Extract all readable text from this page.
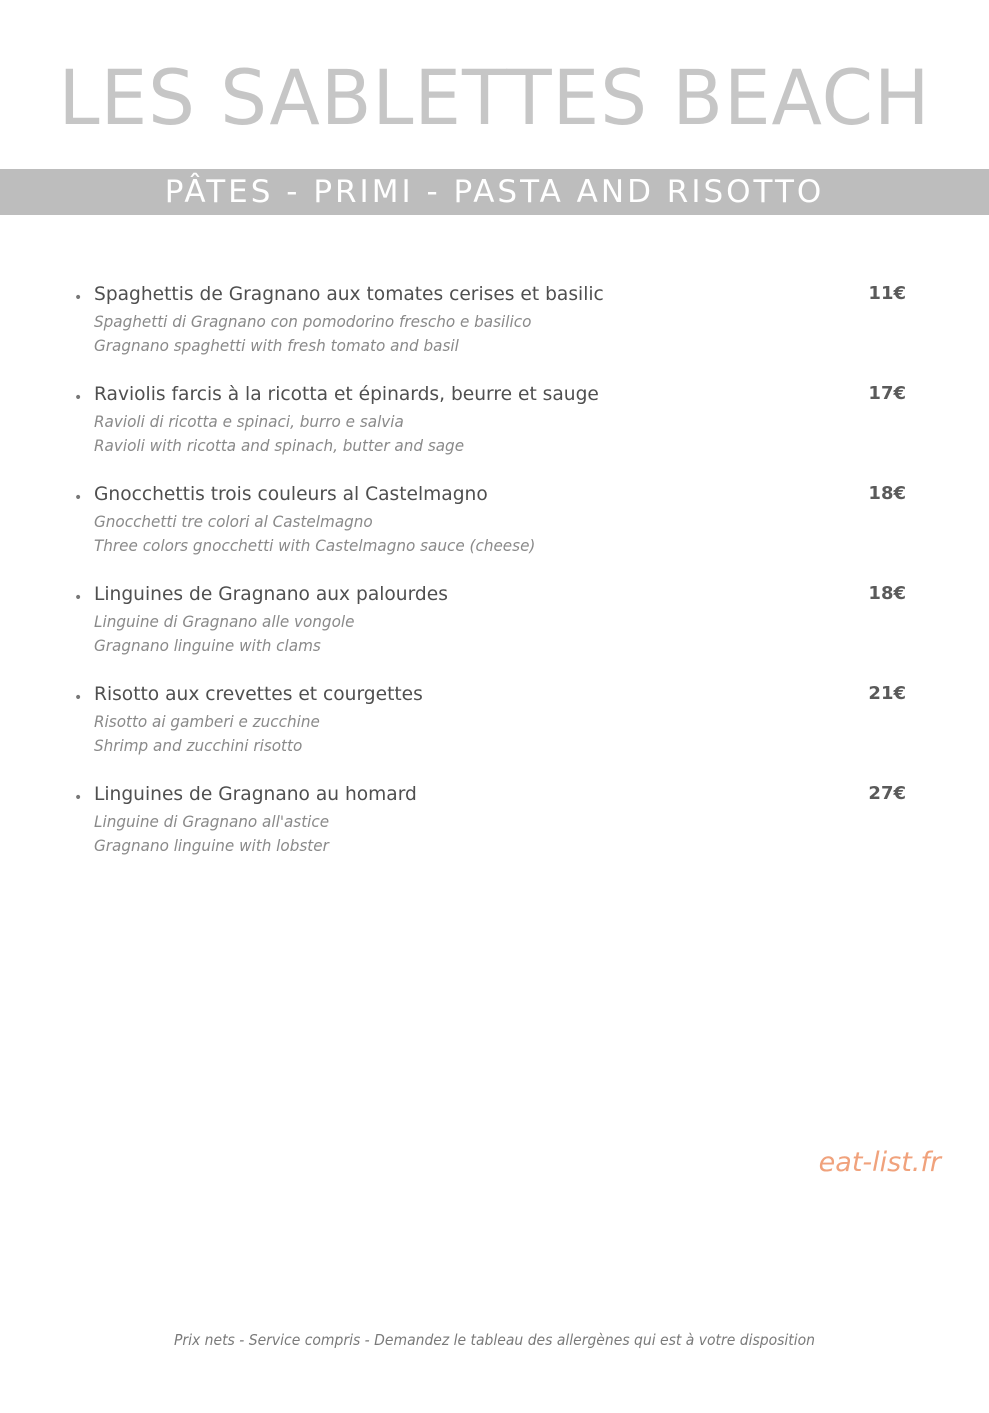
LES SABLETTES BEACH
PÂTES - PRIMI - PASTA AND RISOTTO
• Spaghettis de Gragnano aux tomates cerises et basilic	11€
Spaghetti di Gragnano con pomodorino frescho e basilico
Gragnano spaghetti with fresh tomato and basil
• Raviolis farcis à la ricotta et épinards, beurre et sauge	17€
Ravioli di ricotta e spinaci, burro e salvia
Ravioli with ricotta and spinach, butter and sage
• Gnocchettis trois couleurs al Castelmagno	18€
Gnocchetti tre colori al Castelmagno
Three colors gnocchetti with Castelmagno sauce (cheese)
• Linguines de Gragnano aux palourdes	18€
Linguine di Gragnano alle vongole
Gragnano linguine with clams
• Risotto aux crevettes et courgettes	21€
Risotto ai gamberi e zucchine
Shrimp and zucchini risotto
• Linguines de Gragnano au homard	27€
Linguine di Gragnano all'astice
Gragnano linguine with lobster
eat-list.fr
Prix nets - Service compris - Demandez le tableau des allergènes qui est à votre disposition
